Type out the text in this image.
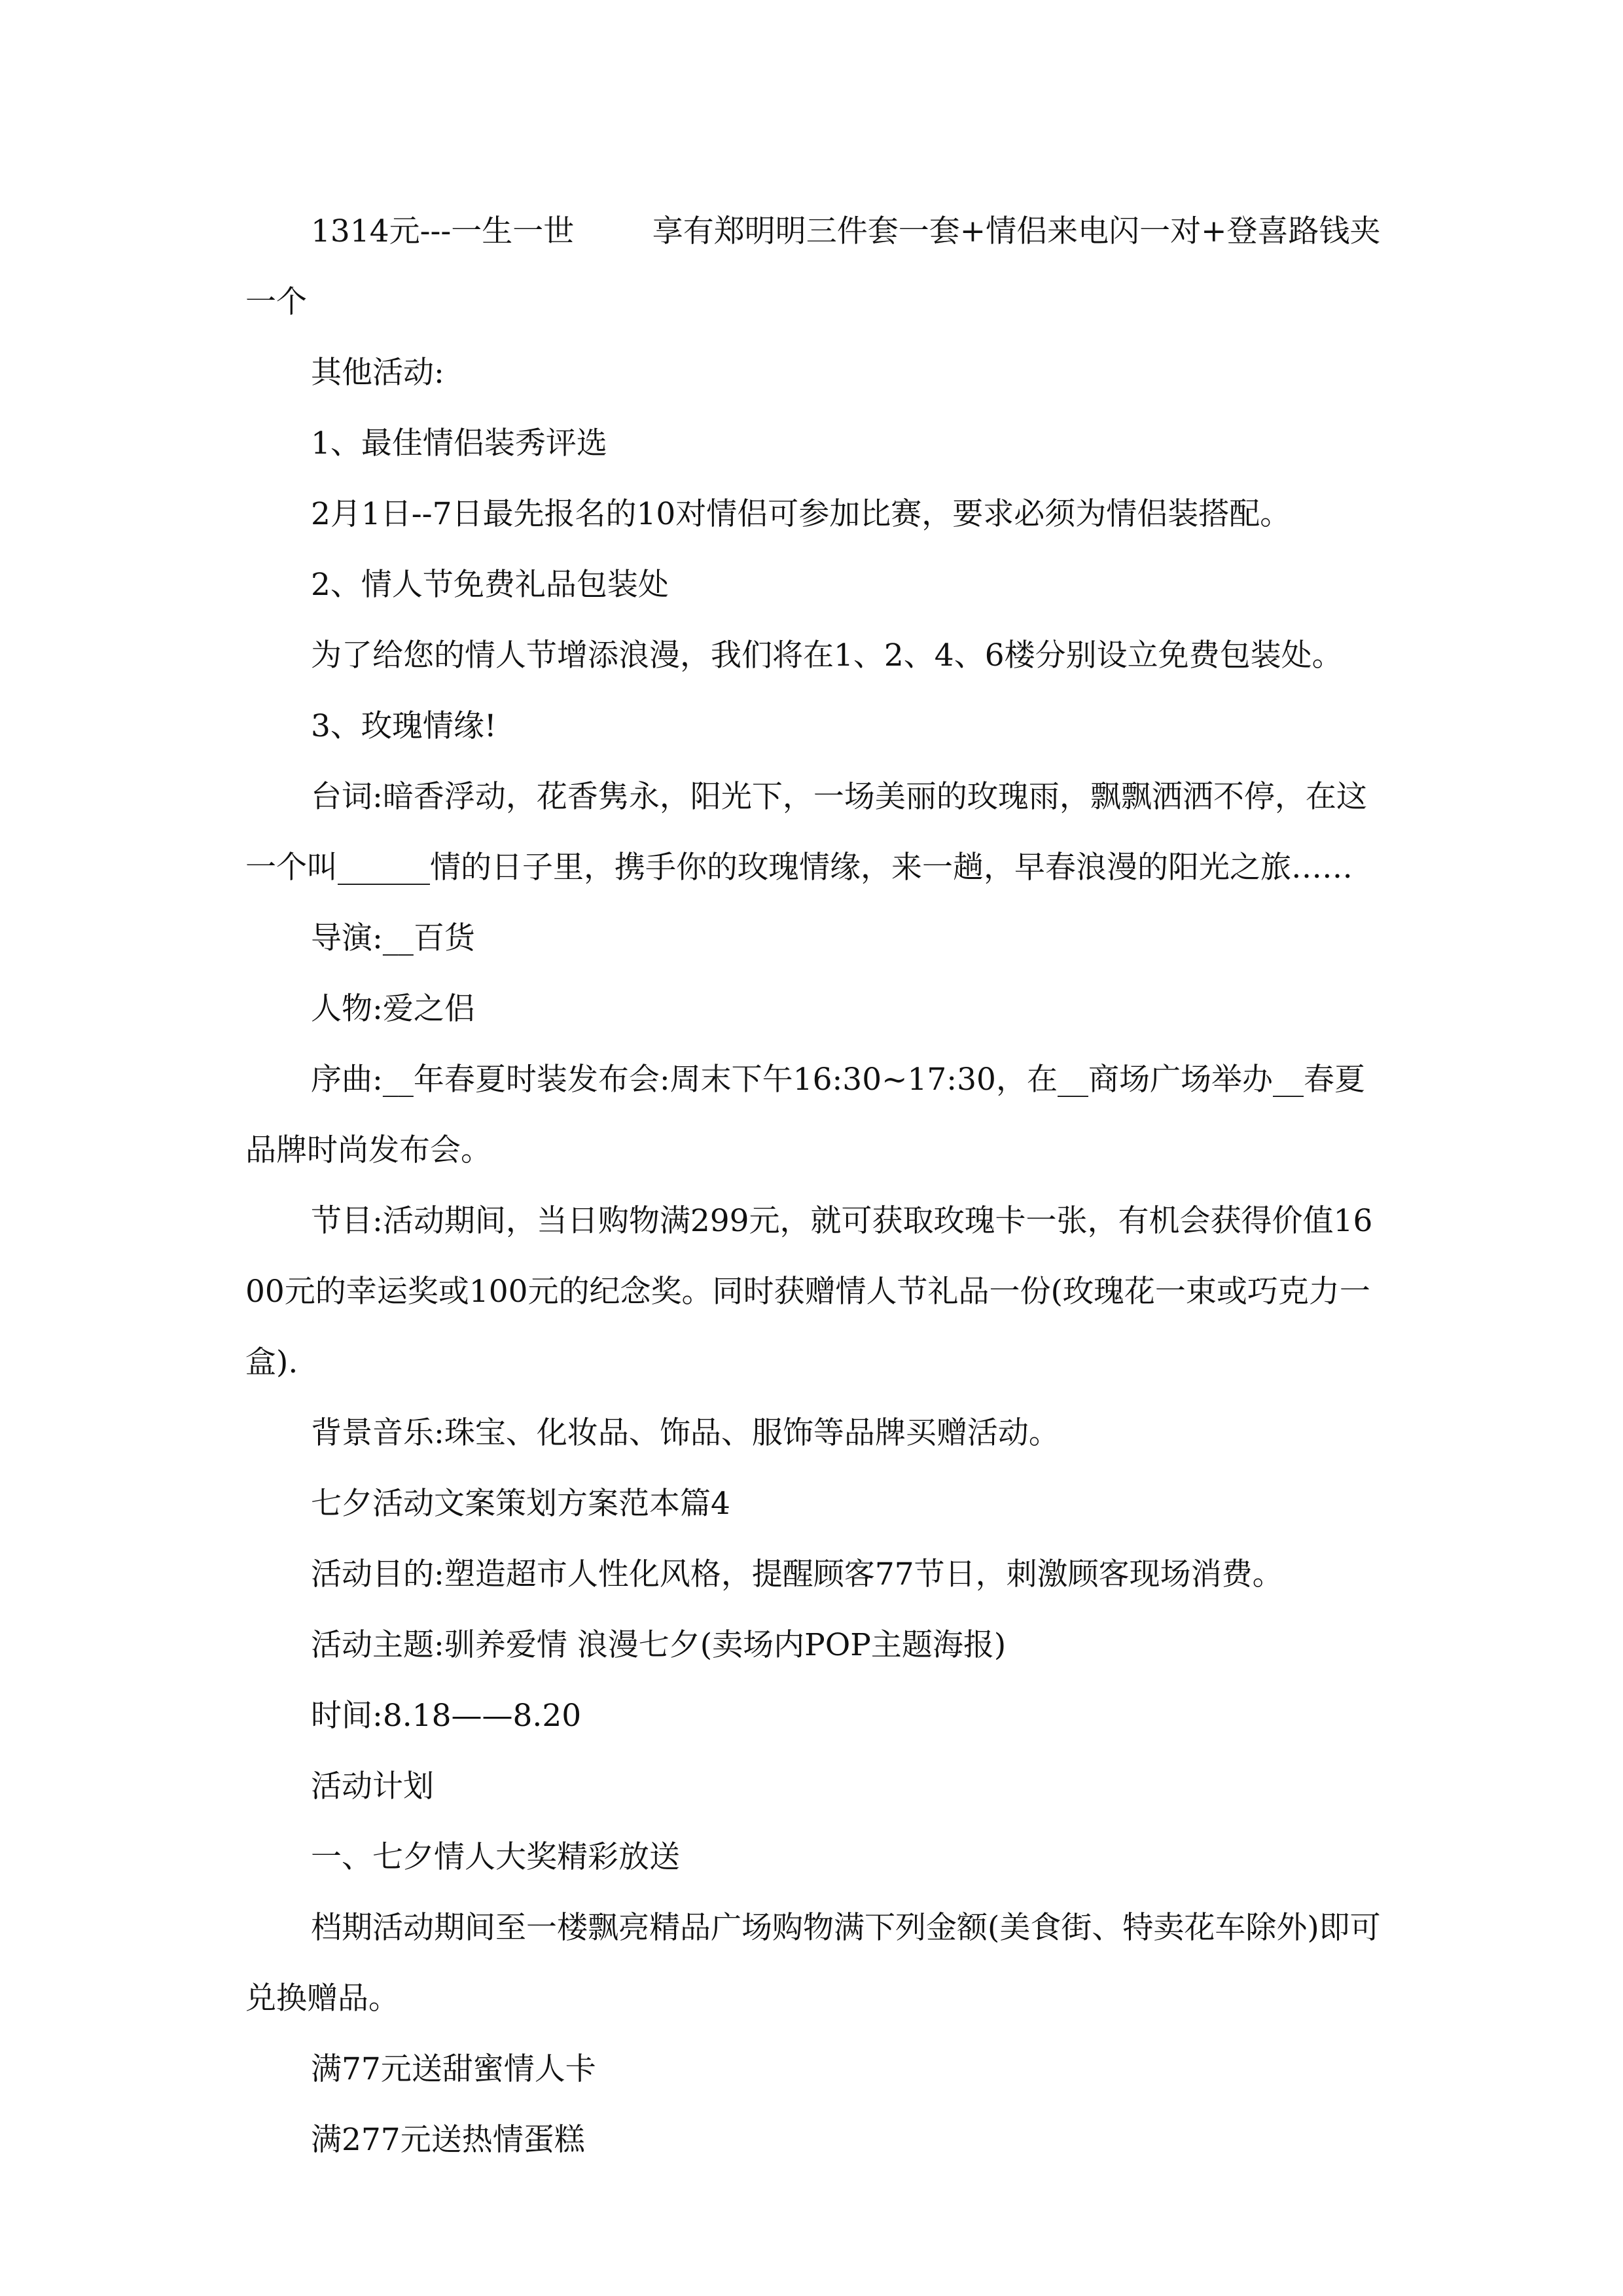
1314元---一生一世        享有郑明明三件套一套+情侣来电闪一对+登喜路钱夹一个

其他活动:

1、最佳情侣装秀评选

2月1日--7日最先报名的10对情侣可参加比赛，要求必须为情侣装搭配。

2、情人节免费礼品包装处

为了给您的情人节增添浪漫，我们将在1、2、4、6楼分别设立免费包装处。

3、玫瑰情缘!

台词:暗香浮动，花香隽永，阳光下，一场美丽的玫瑰雨，飘飘洒洒不停，在这一个叫______情的日子里，携手你的玫瑰情缘，来一趟，早春浪漫的阳光之旅……

导演:__百货

人物:爱之侣

序曲:__年春夏时装发布会:周末下午16:30~17:30，在__商场广场举办__春夏品牌时尚发布会。

节目:活动期间，当日购物满299元，就可获取玫瑰卡一张，有机会获得价值1600元的幸运奖或100元的纪念奖。同时获赠情人节礼品一份(玫瑰花一束或巧克力一盒).

背景音乐:珠宝、化妆品、饰品、服饰等品牌买赠活动。

七夕活动文案策划方案范本篇4

活动目的:塑造超市人性化风格，提醒顾客77节日，刺激顾客现场消费。

活动主题:驯养爱情 浪漫七夕(卖场内POP主题海报)

时间:8.18——8.20

活动计划

一、七夕情人大奖精彩放送

档期活动期间至一楼飘亮精品广场购物满下列金额(美食街、特卖花车除外)即可兑换赠品。

满77元送甜蜜情人卡

满277元送热情蛋糕
